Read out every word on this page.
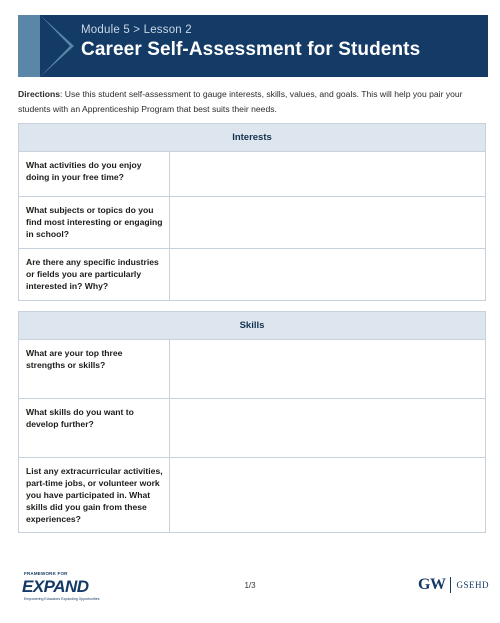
Module 5 > Lesson 2
Career Self-Assessment for Students
Directions: Use this student self-assessment to gauge interests, skills, values, and goals. This will help you pair your students with an Apprenticeship Program that best suits their needs.
Interests
What activities do you enjoy doing in your free time?
What subjects or topics do you find most interesting or engaging in school?
Are there any specific industries or fields you are particularly interested in? Why?
Skills
What are your top three strengths or skills?
What skills do you want to develop further?
List any extracurricular activities, part-time jobs, or volunteer work you have participated in. What skills did you gain from these experiences?
FRAMEWORK FOR
EXPAND
Empowering Educators Expanding Opportunities
1/3	GW GSEHD
